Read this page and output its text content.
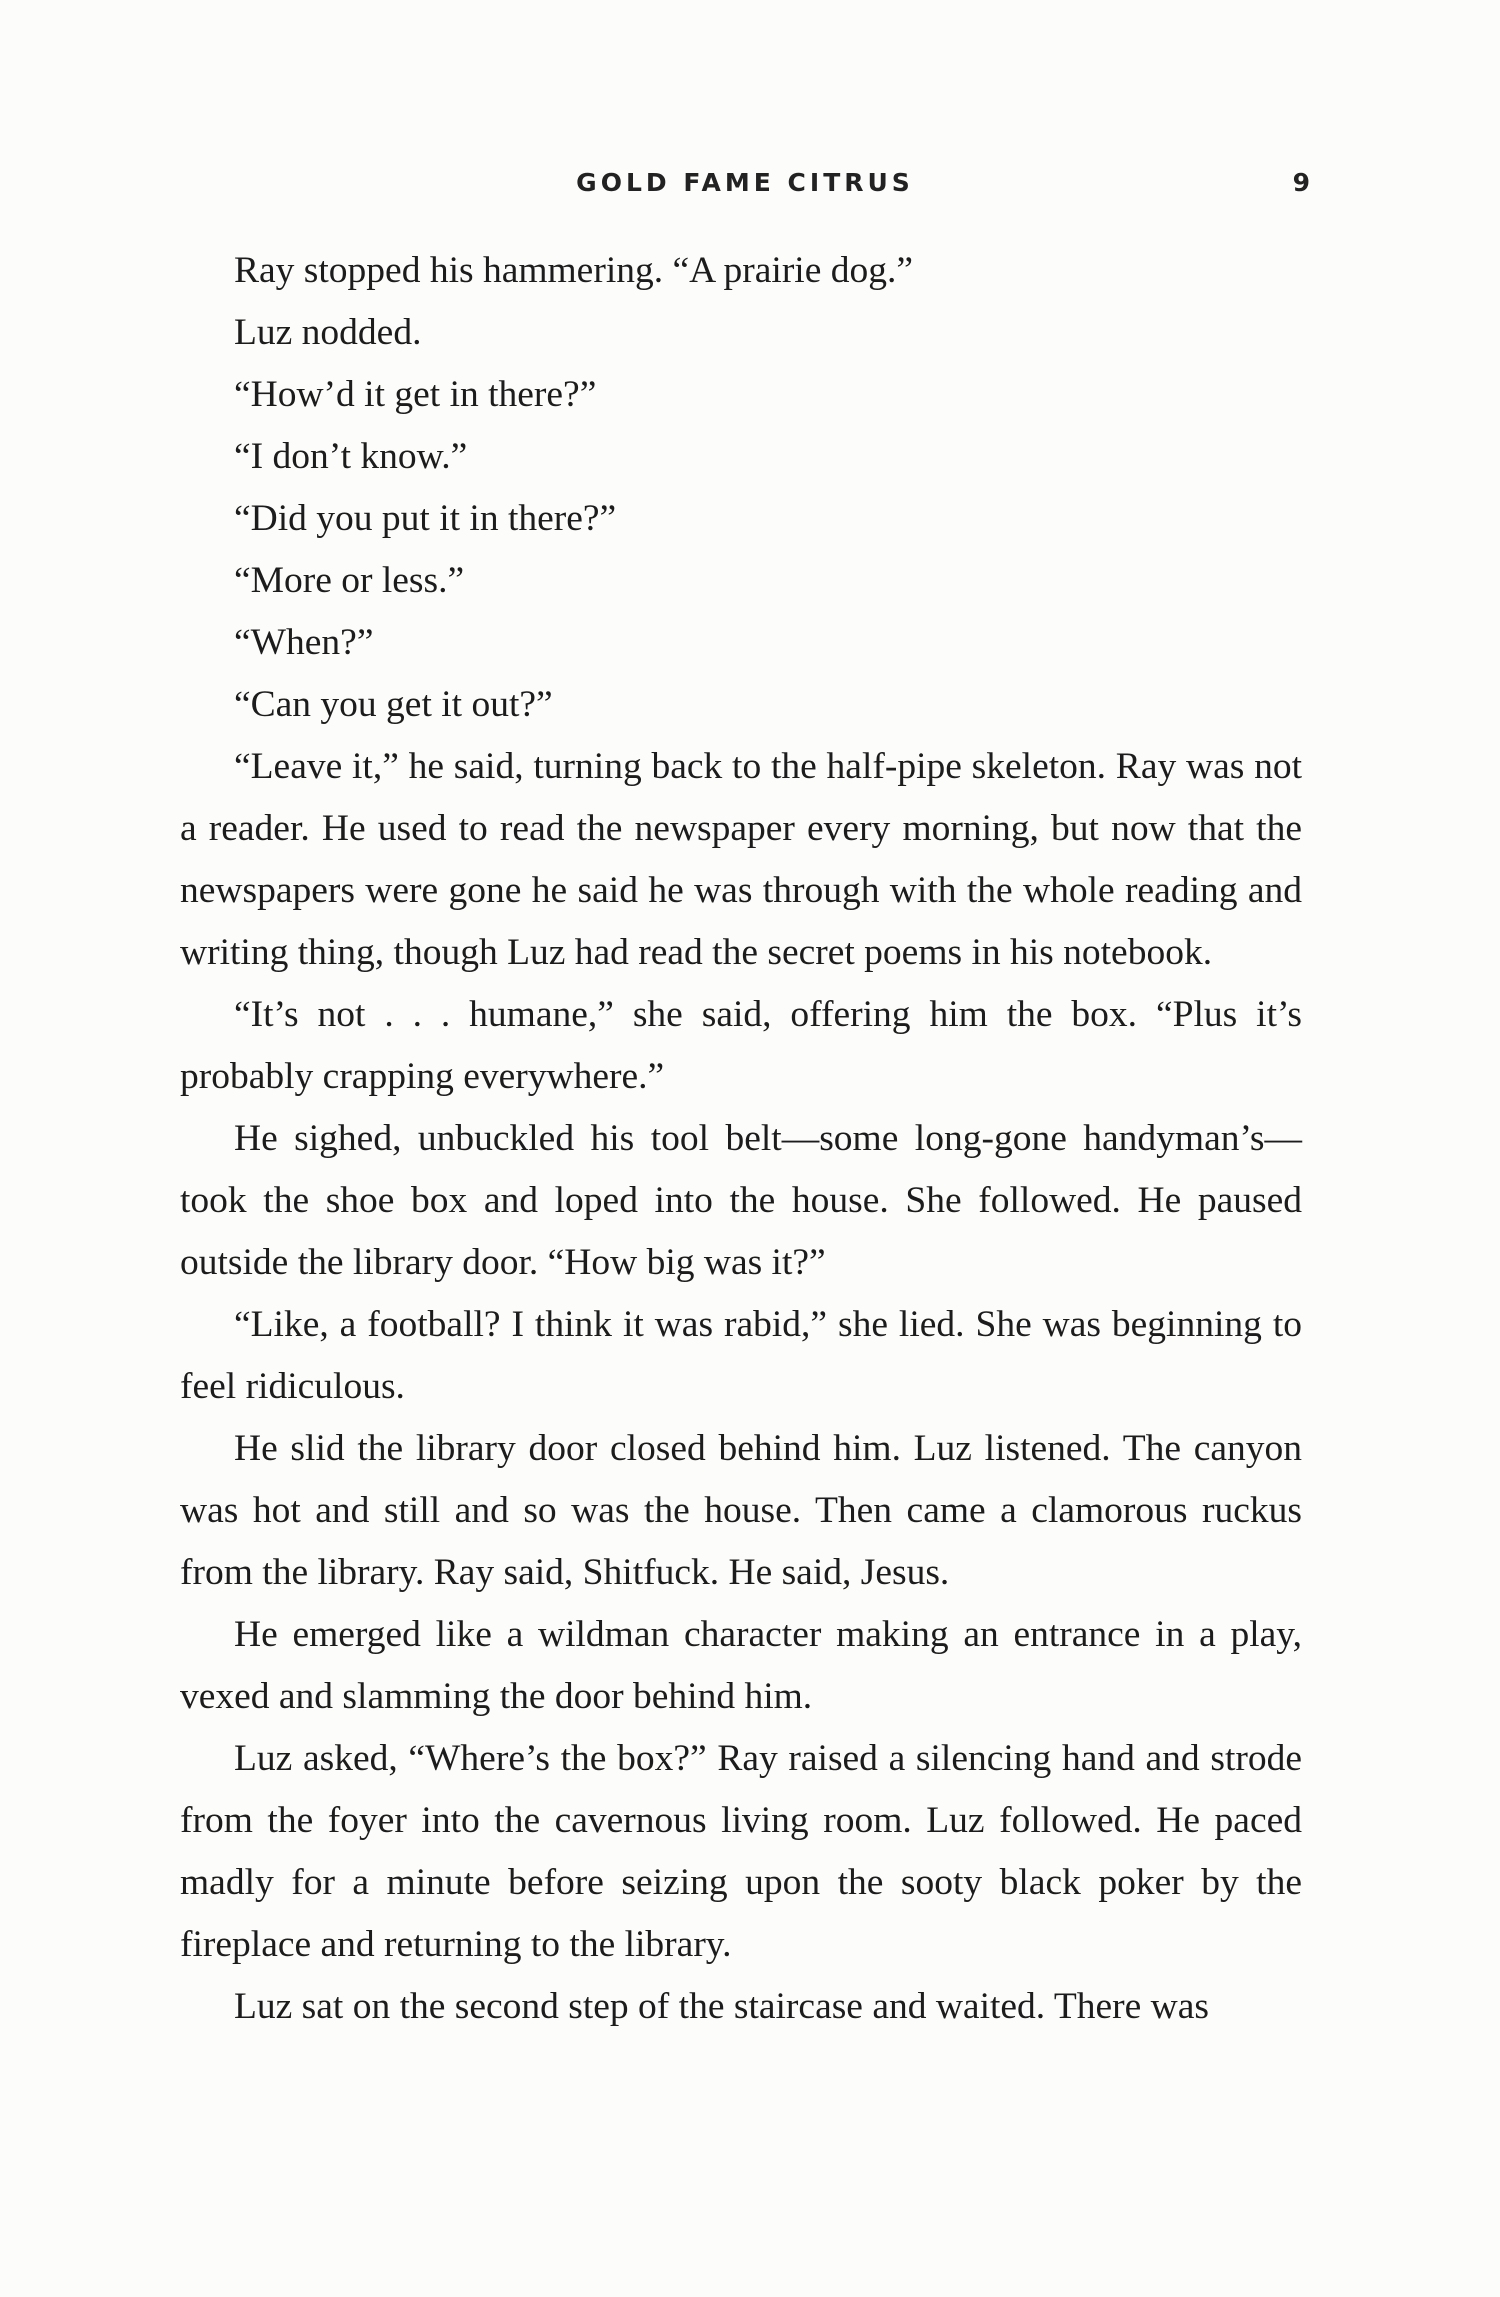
GOLD FAME CITRUS	9

Ray stopped his hammering. “A prairie dog.”

Luz nodded.

“How’d it get in there?”

“I don’t know.”

“Did you put it in there?”

“More or less.”

“When?”

“Can you get it out?”

“Leave it,” he said, turning back to the half-pipe skeleton. Ray was not a reader. He used to read the newspaper every morning, but now that the newspapers were gone he said he was through with the whole reading and writing thing, though Luz had read the secret poems in his notebook.

“It’s not . . . humane,” she said, offering him the box. “Plus it’s probably crapping everywhere.”

He sighed, unbuckled his tool belt—some long-gone handyman’s—took the shoe box and loped into the house. She followed. He paused outside the library door. “How big was it?”

“Like, a football? I think it was rabid,” she lied. She was beginning to feel ridiculous.

He slid the library door closed behind him. Luz listened. The canyon was hot and still and so was the house. Then came a clamorous ruckus from the library. Ray said, Shitfuck. He said, Jesus.

He emerged like a wildman character making an entrance in a play, vexed and slamming the door behind him.

Luz asked, “Where’s the box?” Ray raised a silencing hand and strode from the foyer into the cavernous living room. Luz followed. He paced madly for a minute before seizing upon the sooty black poker by the fireplace and returning to the library.

Luz sat on the second step of the staircase and waited. There was
